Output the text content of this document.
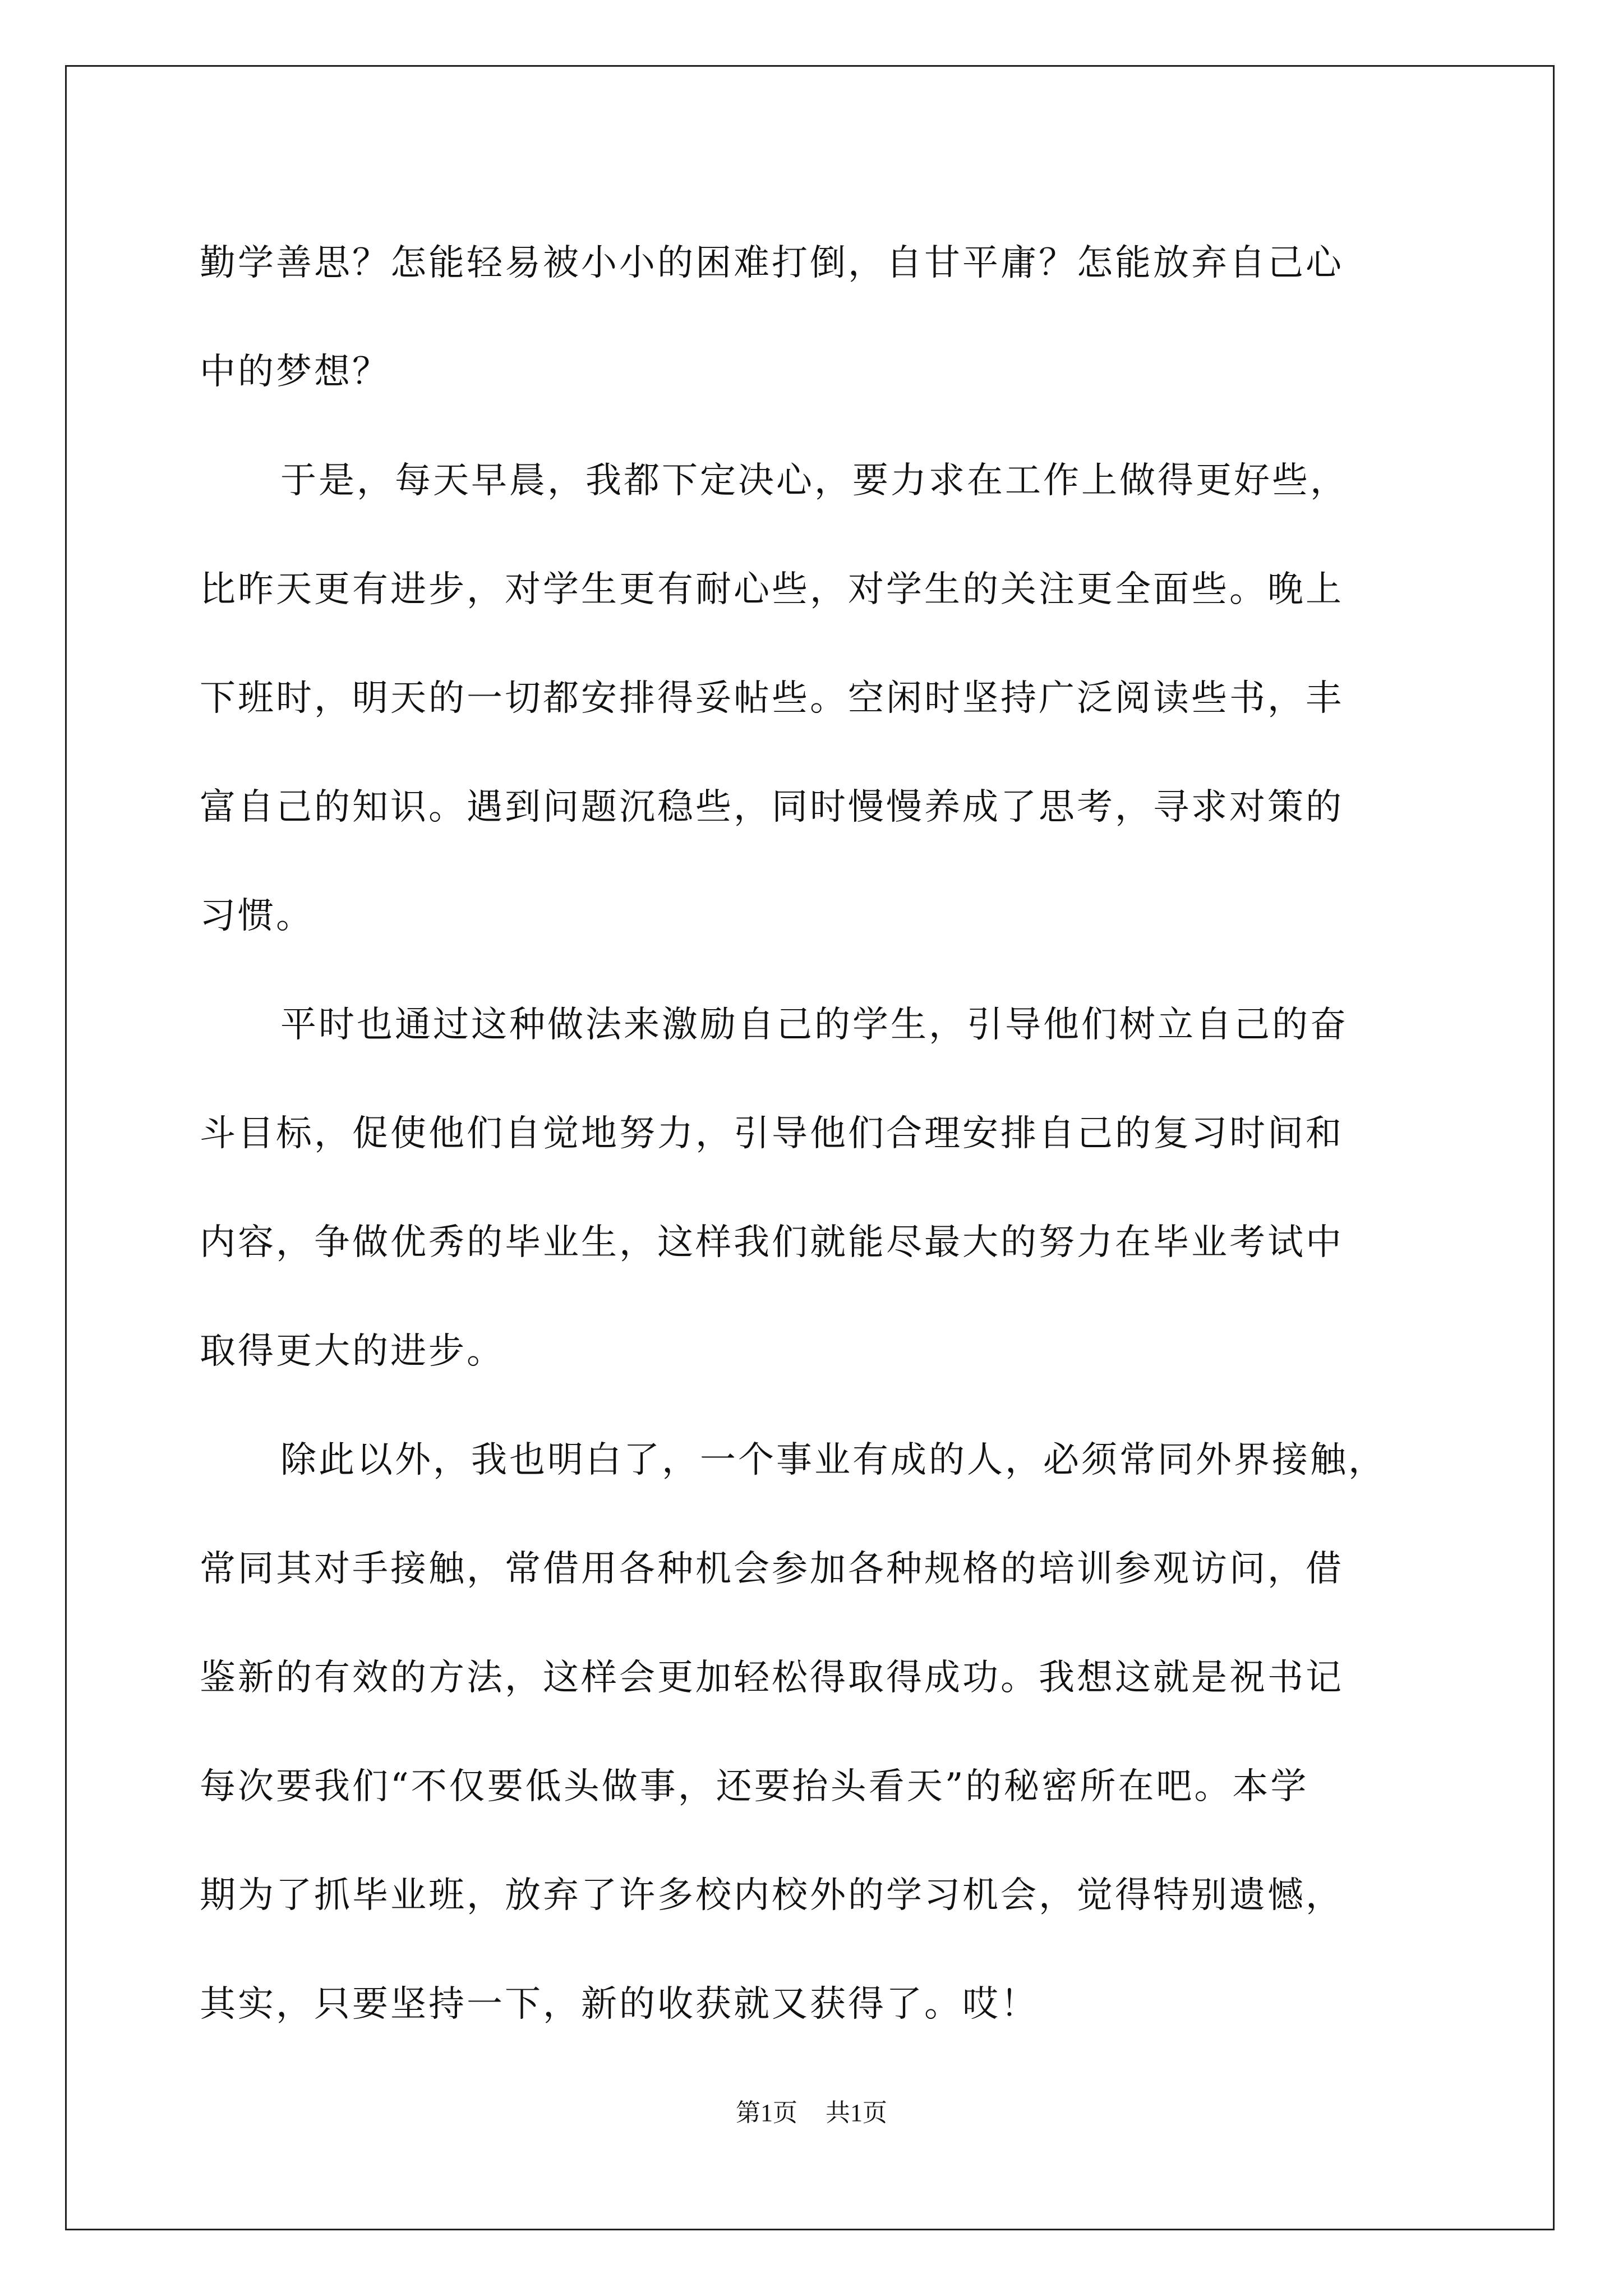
勤学善思？怎能轻易被小小的困难打倒，自甘平庸？怎能放弃自己心
中的梦想？
于是，每天早晨，我都下定决心，要力求在工作上做得更好些，
比昨天更有进步，对学生更有耐心些，对学生的关注更全面些。晚上
下班时，明天的一切都安排得妥帖些。空闲时坚持广泛阅读些书，丰
富自己的知识。遇到问题沉稳些，同时慢慢养成了思考，寻求对策的
习惯。
平时也通过这种做法来激励自己的学生，引导他们树立自己的奋
斗目标，促使他们自觉地努力，引导他们合理安排自己的复习时间和
内容，争做优秀的毕业生，这样我们就能尽最大的努力在毕业考试中
取得更大的进步。
除此以外，我也明白了，一个事业有成的人，必须常同外界接触，
常同其对手接触，常借用各种机会参加各种规格的培训参观访问，借
鉴新的有效的方法，这样会更加轻松得取得成功。我想这就是祝书记
每次要我们“不仅要低头做事，还要抬头看天”的秘密所在吧。本学
期为了抓毕业班，放弃了许多校内校外的学习机会，觉得特别遗憾，
其实，只要坚持一下，新的收获就又获得了。哎！
第1页 共1页
